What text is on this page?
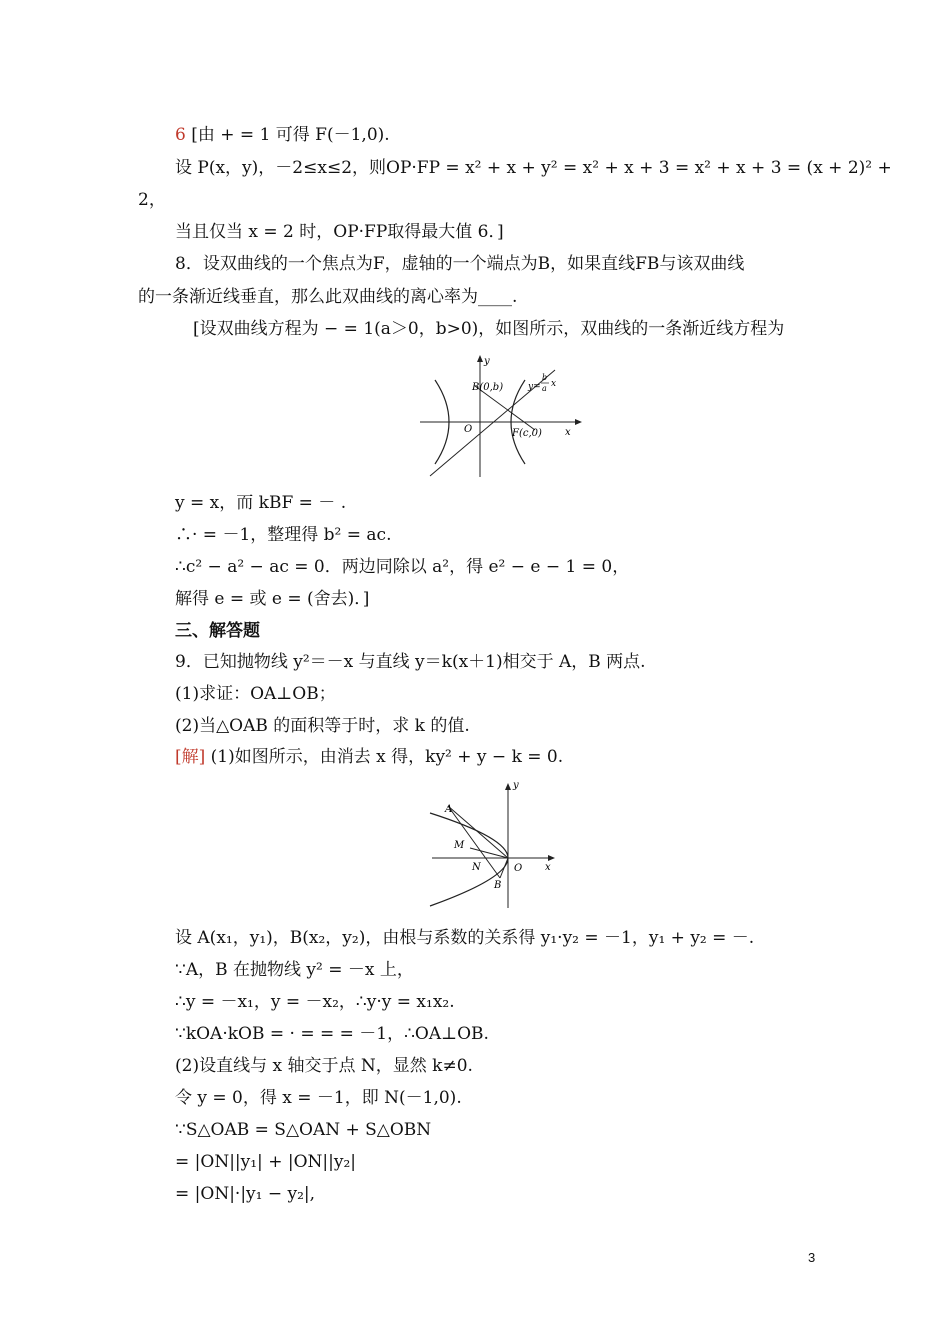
6 [由 + = 1 可得 F(－1,0).
设 P(x，y)，－2≤x≤2，则OP·FP = x² + x + y² = x² + x + 3 = x² + x + 3 = (x + 2)² +
2，
当且仅当 x = 2 时，OP·FP取得最大值 6．]
8．设双曲线的一个焦点为F，虚轴的一个端点为B，如果直线FB与该双曲线
的一条渐近线垂直，那么此双曲线的离心率为____.
[设双曲线方程为 − = 1(a＞0，b>0)，如图所示，双曲线的一条渐近线方程为
y
x
O
B(0,b)
F(c,0)
y=
b
a x
y = x，而 kBF = － .
∴· = －1，整理得 b² = ac.
∴c² − a² − ac = 0．两边同除以 a²，得 e² − e − 1 = 0，
解得 e = 或 e = (舍去)．]
三、解答题
9．已知抛物线 y²＝－x 与直线 y＝k(x＋1)相交于 A，B 两点.
(1)求证：OA⊥OB；
(2)当△OAB 的面积等于时，求 k 的值.
[解] (1)如图所示，由消去 x 得，ky² + y − k = 0.
y
x
O
A
M
N
B
设 A(x₁，y₁)，B(x₂，y₂)，由根与系数的关系得 y₁·y₂ = －1，y₁ + y₂ = －.
∵A，B 在抛物线 y² = －x 上，
∴y = －x₁，y = －x₂，∴y·y = x₁x₂.
∵kOA·kOB = · = = = －1，∴OA⊥OB.
(2)设直线与 x 轴交于点 N，显然 k≠0.
令 y = 0，得 x = －1，即 N(－1,0).
∵S△OAB = S△OAN + S△OBN
= |ON||y₁| + |ON||y₂|
= |ON|·|y₁ − y₂|,
3
